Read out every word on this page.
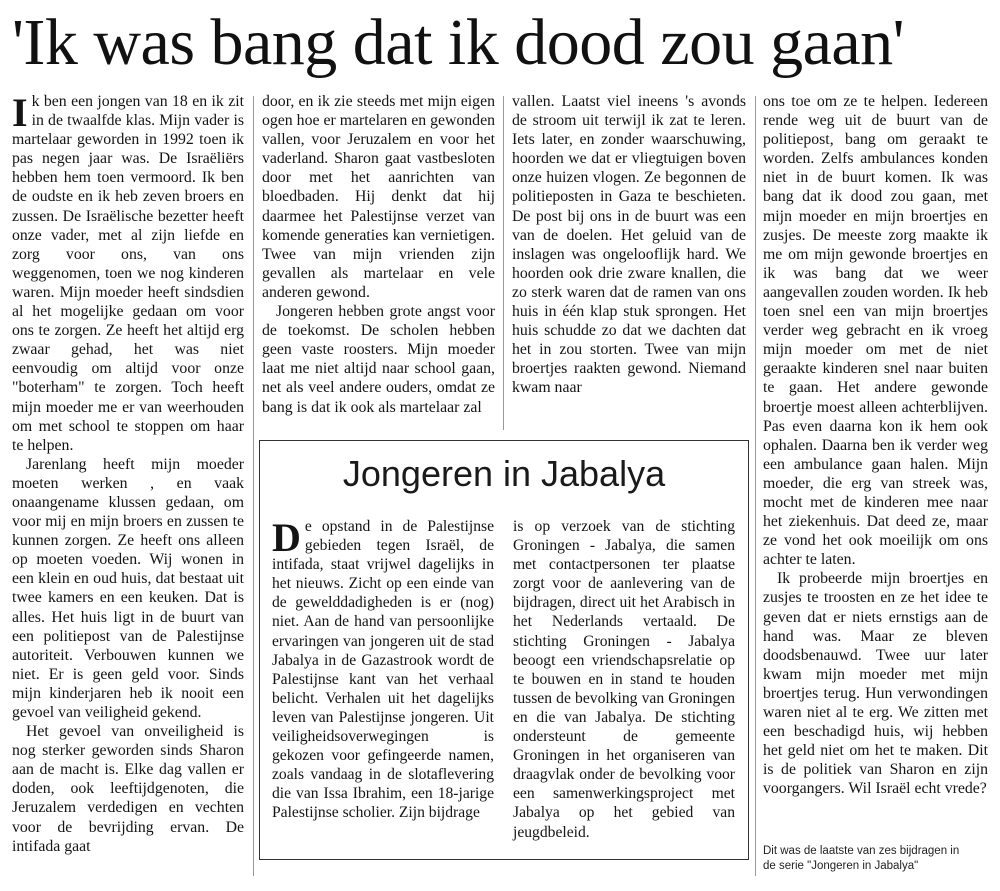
'Ik was bang dat ik dood zou gaan'

Ik ben een jongen van 18 en ik zit in de twaalfde klas. Mijn vader is martelaar geworden in 1992 toen ik pas negen jaar was. De Israëliërs hebben hem toen vermoord. Ik ben de oudste en ik heb zeven broers en zussen. De Israëlische bezetter heeft onze vader, met al zijn liefde en zorg voor ons, van ons weggenomen, toen we nog kinderen waren. Mijn moeder heeft sindsdien al het mogelijke gedaan om voor ons te zorgen. Ze heeft het altijd erg zwaar gehad, het was niet eenvoudig om altijd voor onze "boterham" te zorgen. Toch heeft mijn moeder me er van weerhouden om met school te stoppen om haar te helpen.

Jarenlang heeft mijn moeder moeten werken , en vaak onaangename klussen gedaan, om voor mij en mijn broers en zussen te kunnen zorgen. Ze heeft ons alleen op moeten voeden. Wij wonen in een klein en oud huis, dat bestaat uit twee kamers en een keuken. Dat is alles. Het huis ligt in de buurt van een politiepost van de Palestijnse autoriteit. Verbouwen kunnen we niet. Er is geen geld voor. Sinds mijn kinderjaren heb ik nooit een gevoel van veiligheid gekend.

Het gevoel van onveiligheid is nog sterker geworden sinds Sharon aan de macht is. Elke dag vallen er doden, ook leeftijdgenoten, die Jeruzalem verdedigen en vechten voor de bevrijding ervan. De intifada gaat

door, en ik zie steeds met mijn eigen ogen hoe er martelaren en gewonden vallen, voor Jeruzalem en voor het vaderland. Sharon gaat vastbesloten door met het aanrichten van bloedbaden. Hij denkt dat hij daarmee het Palestijnse verzet van komende generaties kan vernietigen. Twee van mijn vrienden zijn gevallen als martelaar en vele anderen gewond.

Jongeren hebben grote angst voor de toekomst. De scholen hebben geen vaste roosters. Mijn moeder laat me niet altijd naar school gaan, net als veel andere ouders, omdat ze bang is dat ik ook als martelaar zal

vallen. Laatst viel ineens 's avonds de stroom uit terwijl ik zat te leren. Iets later, en zonder waarschuwing, hoorden we dat er vliegtuigen boven onze huizen vlogen. Ze begonnen de politieposten in Gaza te beschieten. De post bij ons in de buurt was een van de doelen. Het geluid van de inslagen was ongelooflijk hard. We hoorden ook drie zware knallen, die zo sterk waren dat de ramen van ons huis in één klap stuk sprongen. Het huis schudde zo dat we dachten dat het in zou storten. Twee van mijn broertjes raakten gewond. Niemand kwam naar

ons toe om ze te helpen. Iedereen rende weg uit de buurt van de politiepost, bang om geraakt te worden. Zelfs ambulances konden niet in de buurt komen. Ik was bang dat ik dood zou gaan, met mijn moeder en mijn broertjes en zusjes. De meeste zorg maakte ik me om mijn gewonde broertjes en ik was bang dat we weer aangevallen zouden worden. Ik heb toen snel een van mijn broertjes verder weg gebracht en ik vroeg mijn moeder om met de niet geraakte kinderen snel naar buiten te gaan. Het andere gewonde broertje moest alleen achterblijven. Pas even daarna kon ik hem ook ophalen. Daarna ben ik verder weg een ambulance gaan halen. Mijn moeder, die erg van streek was, mocht met de kinderen mee naar het ziekenhuis. Dat deed ze, maar ze vond het ook moeilijk om ons achter te laten.

Ik probeerde mijn broertjes en zusjes te troosten en ze het idee te geven dat er niets ernstigs aan de hand was. Maar ze bleven doodsbenauwd. Twee uur later kwam mijn moeder met mijn broertjes terug. Hun verwondingen waren niet al te erg. We zitten met een beschadigd huis, wij hebben het geld niet om het te maken. Dit is de politiek van Sharon en zijn voorgangers. Wil Israël echt vrede?

Jongeren in Jabalya

De opstand in de Palestijnse gebieden tegen Israël, de intifada, staat vrijwel dagelijks in het nieuws. Zicht op een einde van de gewelddadigheden is er (nog) niet. Aan de hand van persoonlijke ervaringen van jongeren uit de stad Jabalya in de Gazastrook wordt de Palestijnse kant van het verhaal belicht. Verhalen uit het dagelijks leven van Palestijnse jongeren. Uit veiligheidsoverwegingen is gekozen voor gefingeerde namen, zoals vandaag in de slotaflevering die van Issa Ibrahim, een 18-jarige Palestijnse scholier. Zijn bijdrage

is op verzoek van de stichting Groningen - Jabalya, die samen met contactpersonen ter plaatse zorgt voor de aanlevering van de bijdragen, direct uit het Arabisch in het Nederlands vertaald. De stichting Groningen - Jabalya beoogt een vriendschapsrelatie op te bouwen en in stand te houden tussen de bevolking van Groningen en die van Jabalya. De stichting ondersteunt de gemeente Groningen in het organiseren van draagvlak onder de bevolking voor een samenwerkingsproject met Jabalya op het gebied van jeugdbeleid.

Dit was de laatste van zes bijdragen in
de serie "Jongeren in Jabalya"
